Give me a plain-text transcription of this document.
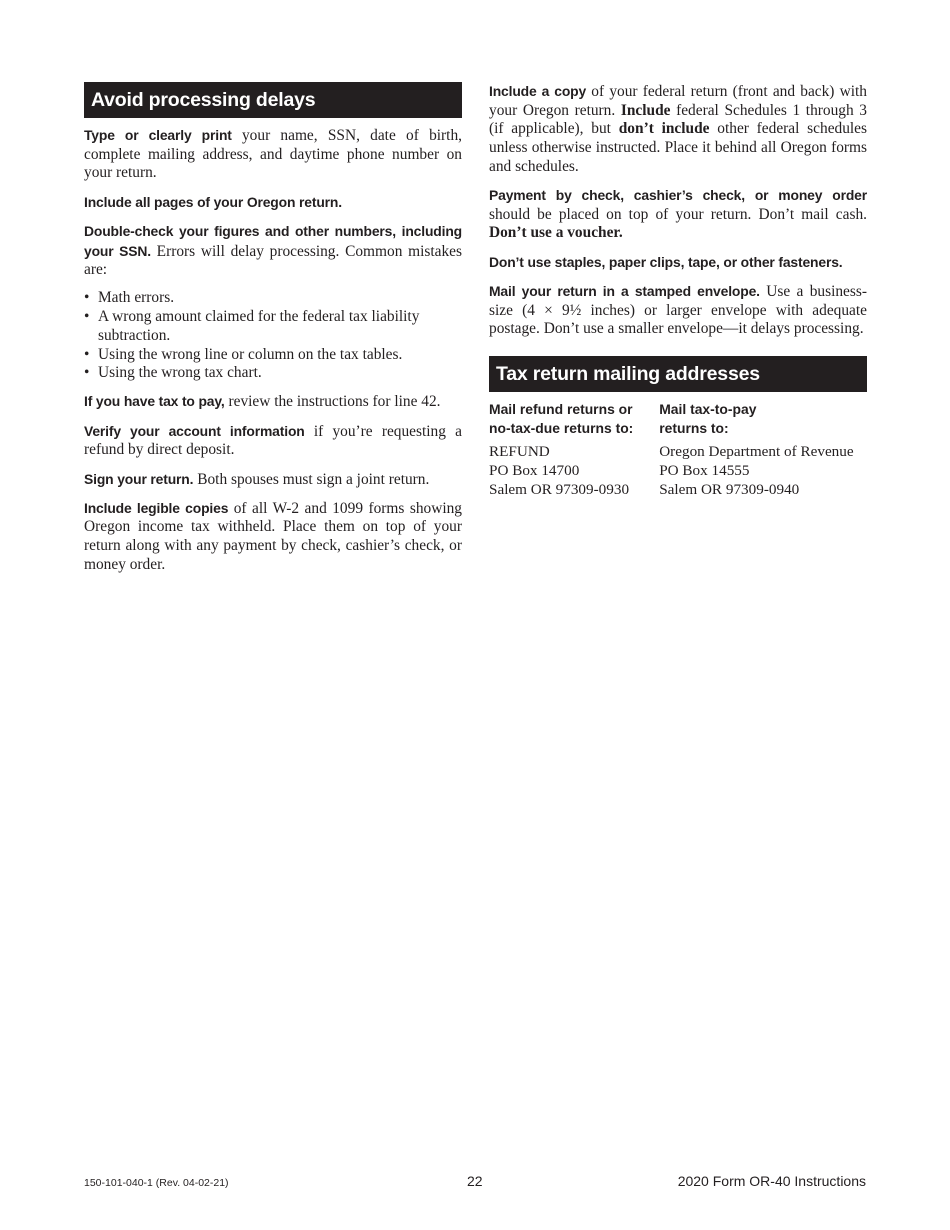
Avoid processing delays

Type or clearly print your name, SSN, date of birth, complete mailing address, and daytime phone number on your return.

Include all pages of your Oregon return.

Double-check your figures and other numbers, including your SSN. Errors will delay processing. Common mistakes are:

• Math errors.
• A wrong amount claimed for the federal tax liability subtraction.
• Using the wrong line or column on the tax tables.
• Using the wrong tax chart.

If you have tax to pay, review the instructions for line 42.

Verify your account information if you’re requesting a refund by direct deposit.

Sign your return. Both spouses must sign a joint return.

Include legible copies of all W-2 and 1099 forms showing Oregon income tax withheld. Place them on top of your return along with any payment by check, cashier’s check, or money order.

Include a copy of your federal return (front and back) with your Oregon return. Include federal Schedules 1 through 3 (if applicable), but don’t include other federal schedules unless otherwise instructed. Place it behind all Oregon forms and schedules.

Payment by check, cashier’s check, or money order should be placed on top of your return. Don’t mail cash. Don’t use a voucher.

Don’t use staples, paper clips, tape, or other fasteners.

Mail your return in a stamped envelope. Use a business-size (4 × 9½ inches) or larger envelope with adequate postage. Don’t use a smaller envelope—it delays processing.

Tax return mailing addresses
Mail refund returns or
no-tax-due returns to:
REFUND
PO Box 14700
Salem OR 97309-0930
Mail tax-to-pay
returns to:
Oregon Department of Revenue
PO Box 14555
Salem OR 97309-0940
150-101-040-1 (Rev. 04-02-21)	22	2020 Form OR-40 Instructions
